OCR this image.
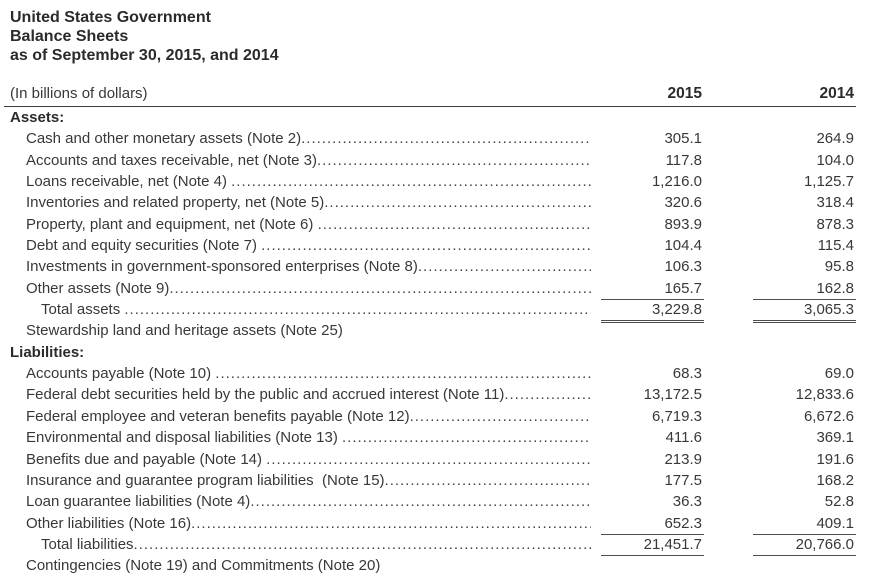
United States Government
Balance Sheets
as of September 30, 2015, and 2014
(In billions of dollars)	2015	2014
Assets:
Cash and other monetary assets (Note 2) .....	305.1	264.9
Accounts and taxes receivable, net (Note 3) .....	117.8	104.0
Loans receivable, net (Note 4) .....	1,216.0	1,125.7
Inventories and related property, net (Note 5) .....	320.6	318.4
Property, plant and equipment, net (Note 6) .....	893.9	878.3
Debt and equity securities (Note 7) .....	104.4	115.4
Investments in government-sponsored enterprises (Note 8) .....	106.3	95.8
Other assets (Note 9) .....	165.7	162.8
Total assets .....	3,229.8	3,065.3
Stewardship land and heritage assets (Note 25)
Liabilities:
Accounts payable (Note 10) .....	68.3	69.0
Federal debt securities held by the public and accrued interest (Note 11) .....	13,172.5	12,833.6
Federal employee and veteran benefits payable (Note 12) .....	6,719.3	6,672.6
Environmental and disposal liabilities (Note 13) .....	411.6	369.1
Benefits due and payable (Note 14) .....	213.9	191.6
Insurance and guarantee program liabilities  (Note 15) .....	177.5	168.2
Loan guarantee liabilities (Note 4) .....	36.3	52.8
Other liabilities (Note 16) .....	652.3	409.1
Total liabilities .....	21,451.7	20,766.0
Contingencies (Note 19) and Commitments (Note 20)
